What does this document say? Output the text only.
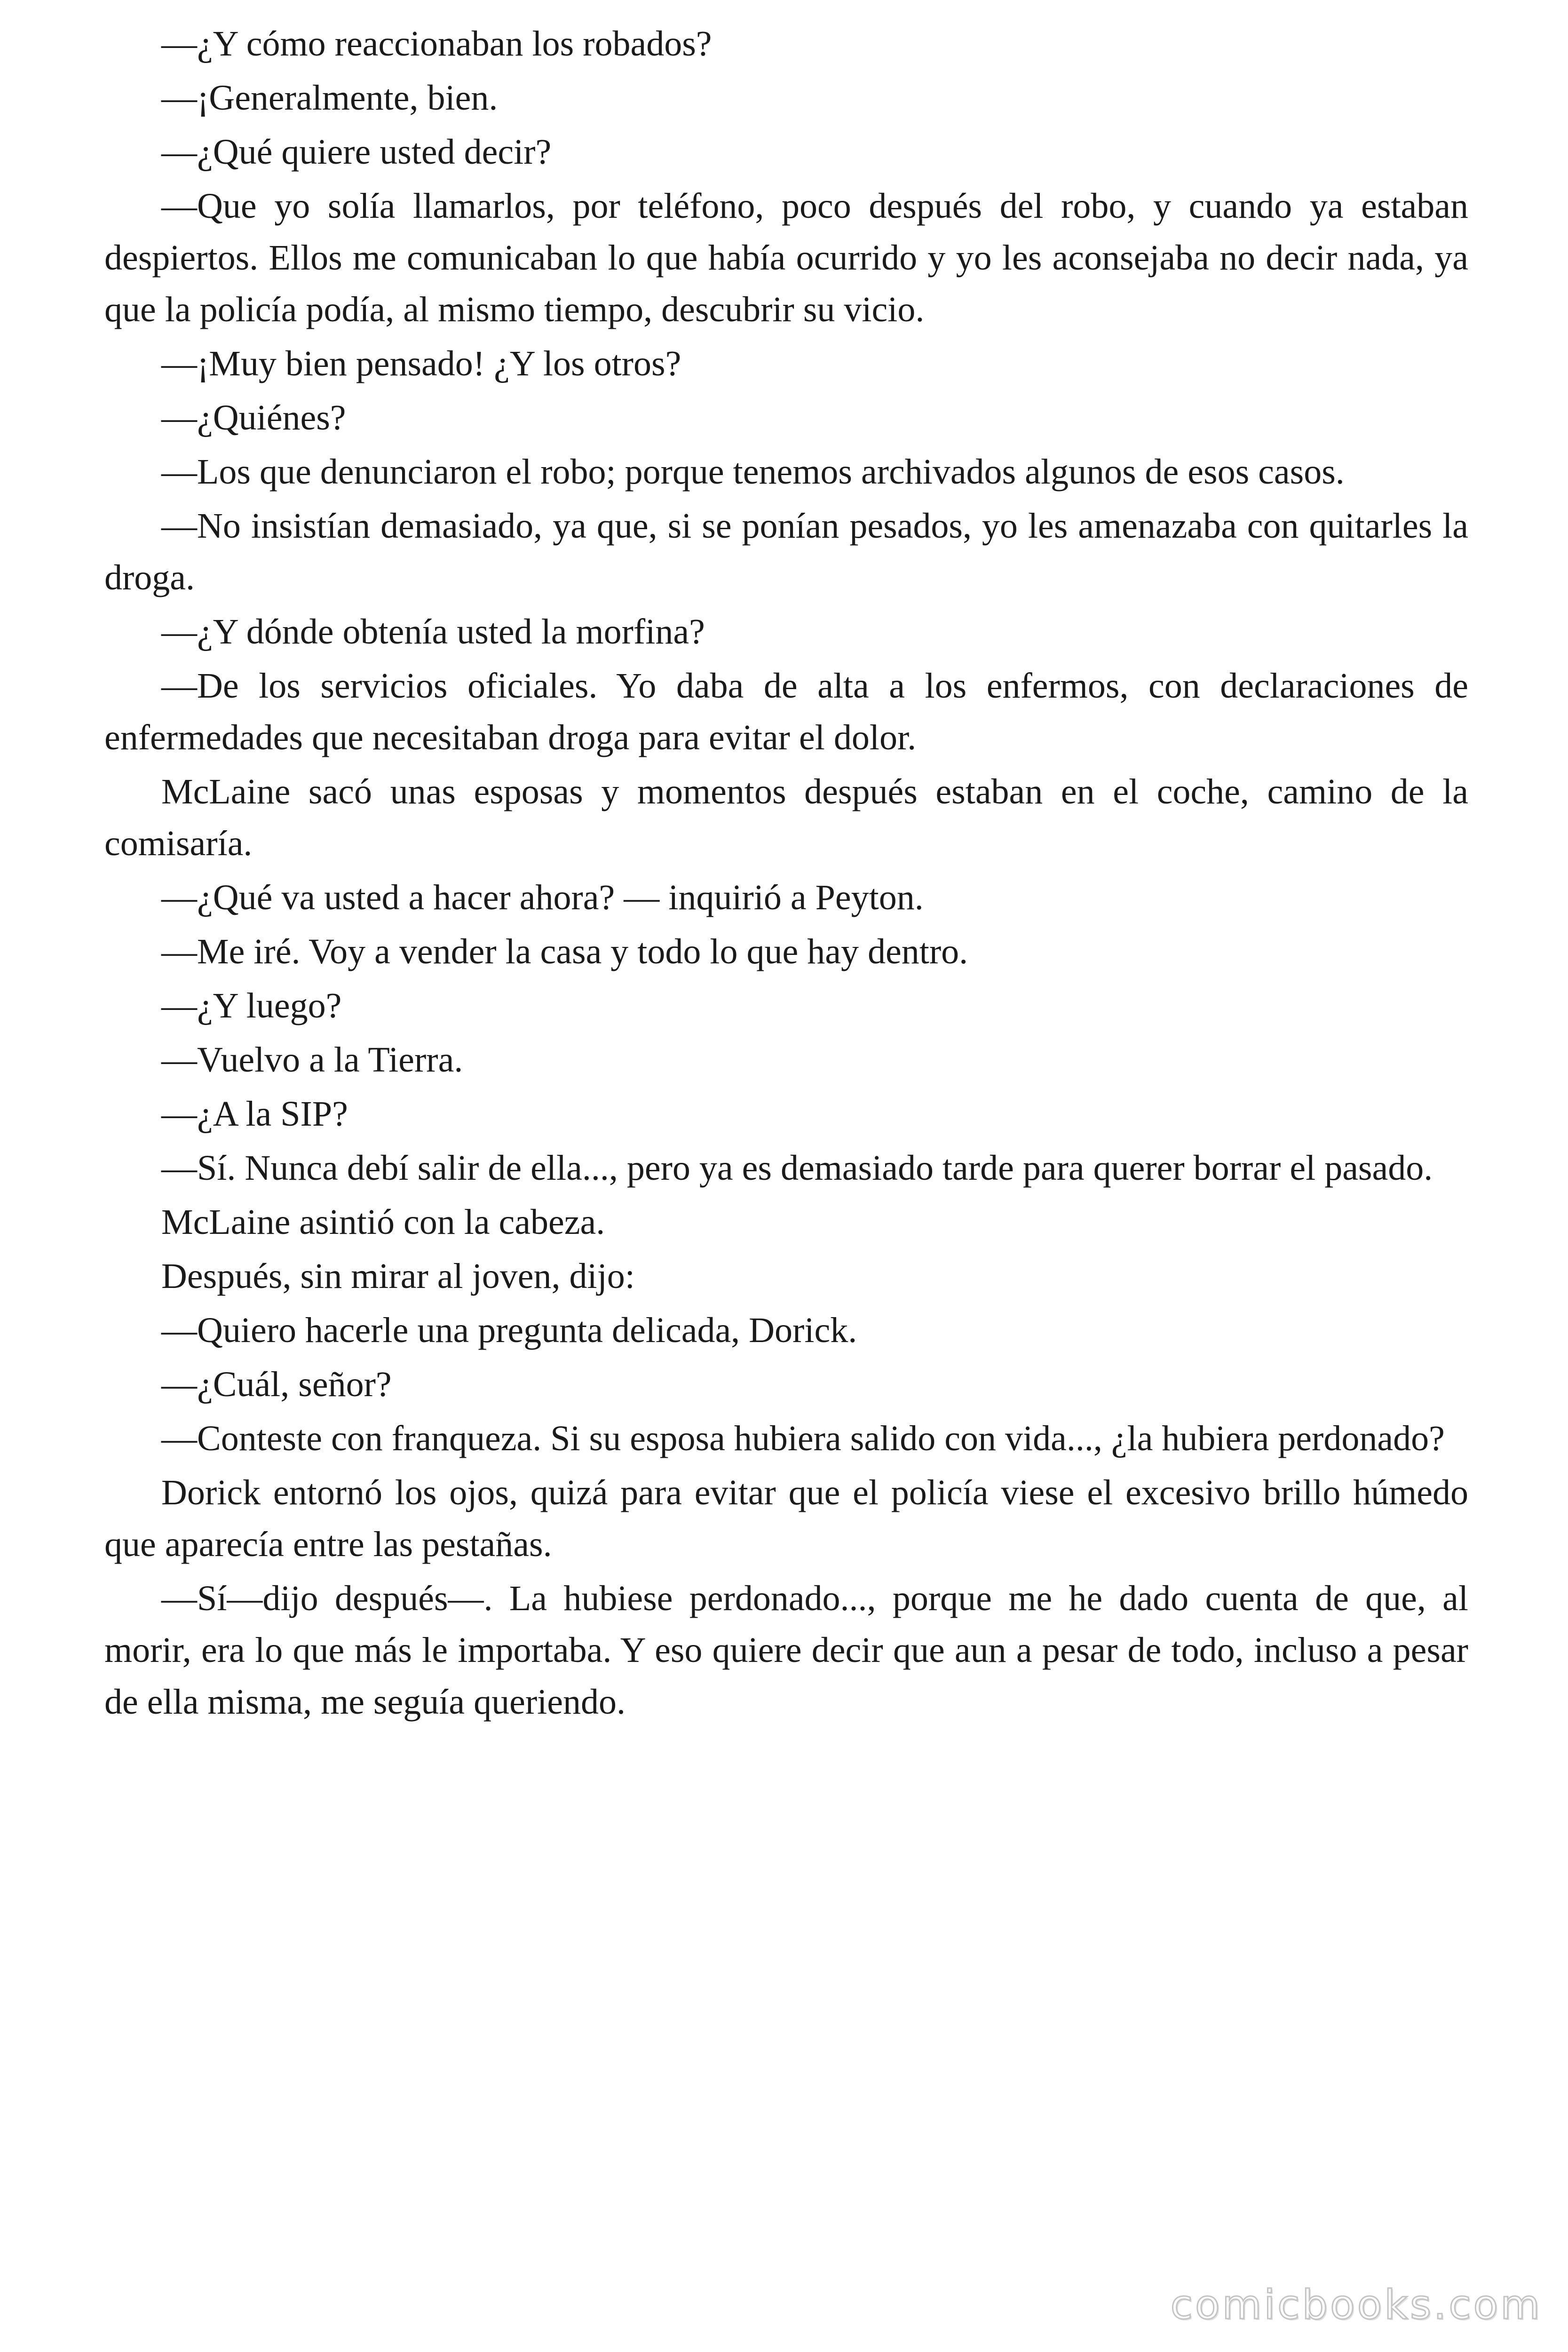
—¿Y cómo reaccionaban los robados?

—¡Generalmente, bien.

—¿Qué quiere usted decir?

—Que yo solía llamarlos, por teléfono, poco después del robo, y cuando ya estaban despiertos. Ellos me comunicaban lo que había ocurrido y yo les aconsejaba no decir nada, ya que la policía podía, al mismo tiempo, descubrir su vicio.

—¡Muy bien pensado! ¿Y los otros?

—¿Quiénes?

—Los que denunciaron el robo; porque tenemos archivados algunos de esos casos.

—No insistían demasiado, ya que, si se ponían pesados, yo les amenazaba con quitarles la droga.

—¿Y dónde obtenía usted la morfina?

—De los servicios oficiales. Yo daba de alta a los enfermos, con declaraciones de enfermedades que necesitaban droga para evitar el dolor.

McLaine sacó unas esposas y momentos después estaban en el coche, camino de la comisaría.

—¿Qué va usted a hacer ahora? — inquirió a Peyton.

—Me iré. Voy a vender la casa y todo lo que hay dentro.

—¿Y luego?

—Vuelvo a la Tierra.

—¿A la SIP?

—Sí. Nunca debí salir de ella..., pero ya es demasiado tarde para querer borrar el pasado.

McLaine asintió con la cabeza.

Después, sin mirar al joven, dijo:

—Quiero hacerle una pregunta delicada, Dorick.

—¿Cuál, señor?

—Conteste con franqueza. Si su esposa hubiera salido con vida..., ¿la hubiera perdonado?

Dorick entornó los ojos, quizá para evitar que el policía viese el excesivo brillo húmedo que aparecía entre las pestañas.

—Sí—dijo después—. La hubiese perdonado..., porque me he dado cuenta de que, al morir, era lo que más le importaba. Y eso quiere decir que aun a pesar de todo, incluso a pesar de ella misma, me seguía queriendo.

comicbooks.com
